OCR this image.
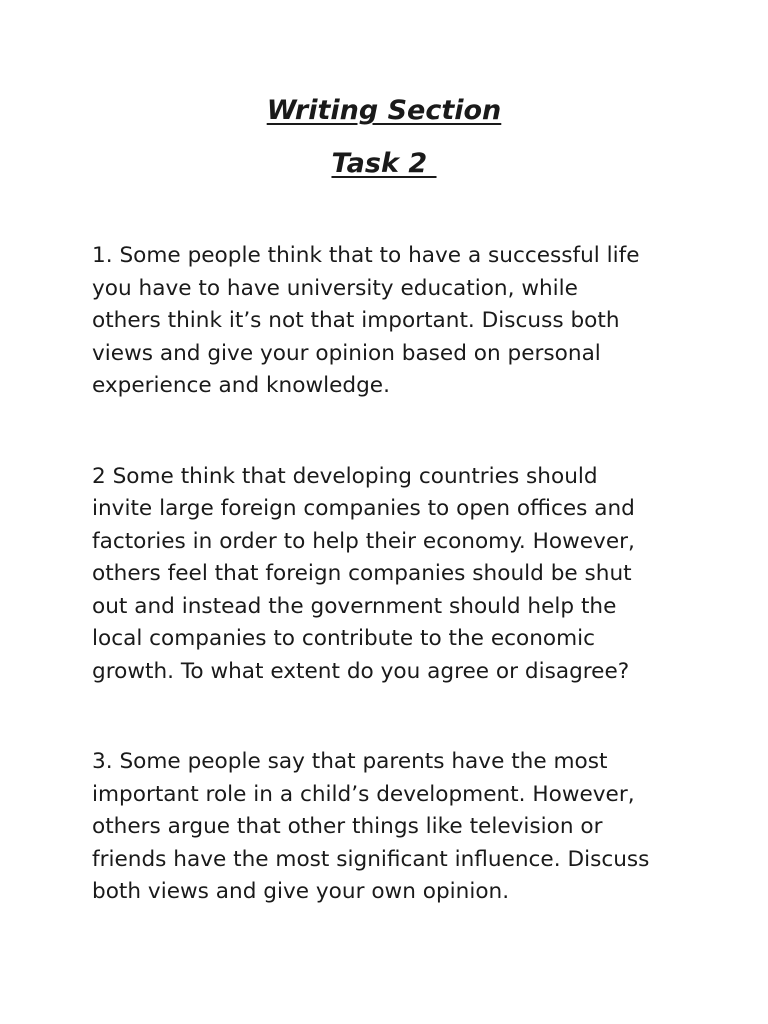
Writing Section
Task 2

1. Some people think that to have a successful life
you have to have university education, while
others think it’s not that important. Discuss both
views and give your opinion based on personal
experience and knowledge.

2 Some think that developing countries should
invite large foreign companies to open offices and
factories in order to help their economy. However,
others feel that foreign companies should be shut
out and instead the government should help the
local companies to contribute to the economic
growth. To what extent do you agree or disagree?

3. Some people say that parents have the most
important role in a child’s development. However,
others argue that other things like television or
friends have the most significant influence. Discuss
both views and give your own opinion.
